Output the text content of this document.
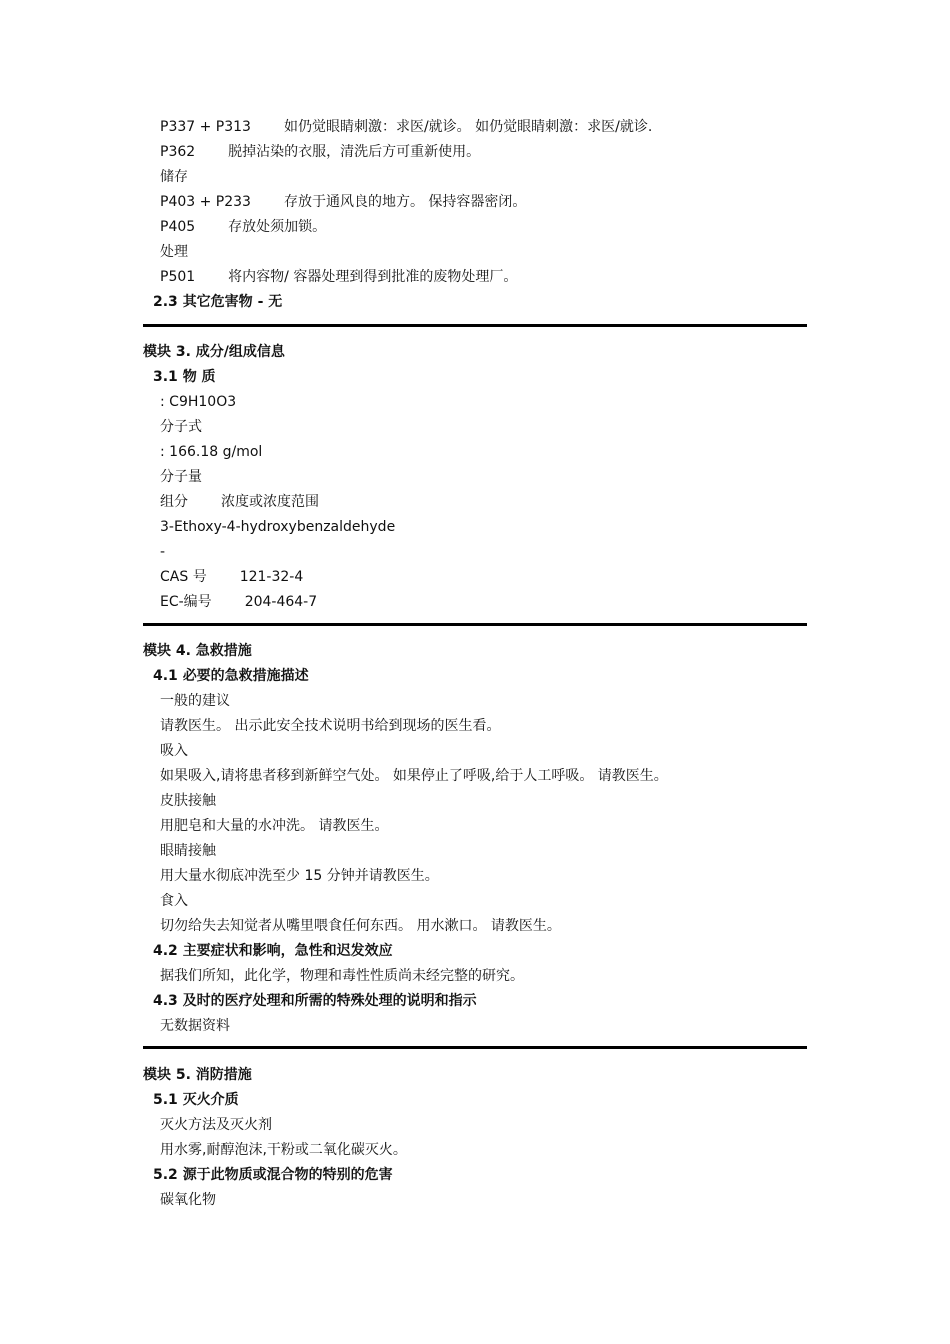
P337 + P313 如仍觉眼睛刺激：求医/就诊。 如仍觉眼睛刺激：求医/就诊.
P362 脱掉沾染的衣服，清洗后方可重新使用。
储存
P403 + P233 存放于通风良的地方。 保持容器密闭。
P405 存放处须加锁。
处理
P501 将内容物/ 容器处理到得到批准的废物处理厂。
2.3 其它危害物 - 无
模块 3. 成分/组成信息
3.1 物 质
: C9H10O3
分子式
: 166.18 g/mol
分子量
组分 浓度或浓度范围
3-Ethoxy-4-hydroxybenzaldehyde
-
CAS 号 121-32-4
EC-编号 204-464-7
模块 4. 急救措施
4.1 必要的急救措施描述
一般的建议
请教医生。 出示此安全技术说明书给到现场的医生看。
吸入
如果吸入,请将患者移到新鲜空气处。 如果停止了呼吸,给于人工呼吸。 请教医生。
皮肤接触
用肥皂和大量的水冲洗。 请教医生。
眼睛接触
用大量水彻底冲洗至少 15 分钟并请教医生。
食入
切勿给失去知觉者从嘴里喂食任何东西。 用水漱口。 请教医生。
4.2 主要症状和影响，急性和迟发效应
据我们所知，此化学，物理和毒性性质尚未经完整的研究。
4.3 及时的医疗处理和所需的特殊处理的说明和指示
无数据资料
模块 5. 消防措施
5.1 灭火介质
灭火方法及灭火剂
用水雾,耐醇泡沫,干粉或二氧化碳灭火。
5.2 源于此物质或混合物的特别的危害
碳氧化物
